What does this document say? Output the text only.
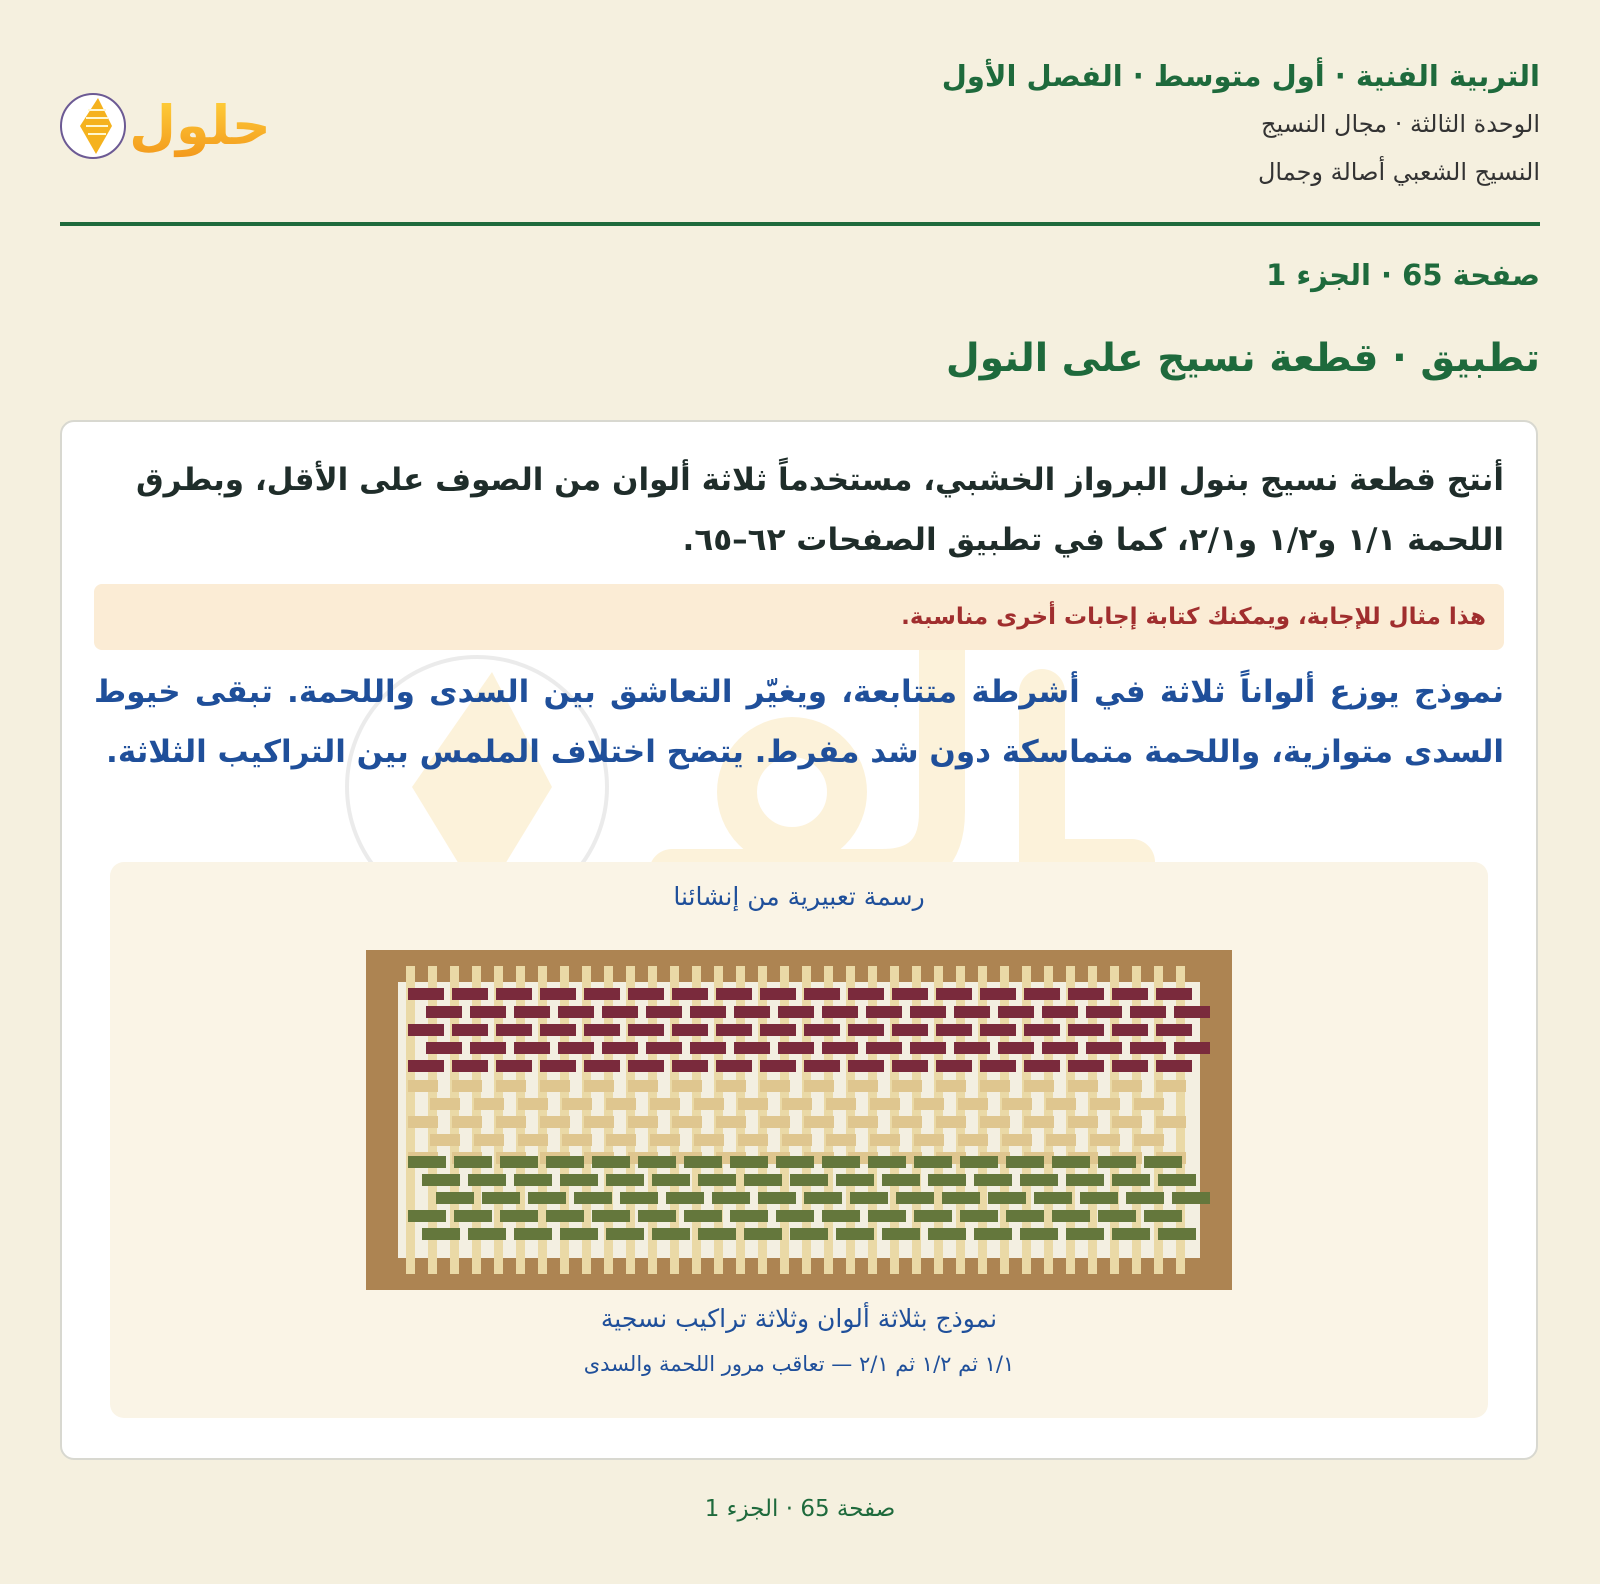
التربية الفنية · أول متوسط · الفصل الأول
الوحدة الثالثة · مجال النسيج
النسيج الشعبي أصالة وجمال
حلول
صفحة 65 · الجزء 1
تطبيق · قطعة نسيج على النول
أنتج قطعة نسيج بنول البرواز الخشبي، مستخدماً ثلاثة ألوان من الصوف على الأقل، وبطرق اللحمة ١/١ و١/٢ و٢/١، كما في تطبيق الصفحات ٦٢–٦٥.
هذا مثال للإجابة، ويمكنك كتابة إجابات أخرى مناسبة.
نموذج يوزع ألواناً ثلاثة في أشرطة متتابعة، ويغيّر التعاشق بين السدى واللحمة. تبقى خيوط السدى متوازية، واللحمة متماسكة دون شد مفرط. يتضح اختلاف الملمس بين التراكيب الثلاثة.
رسمة تعبيرية من إنشائنا
نموذج بثلاثة ألوان وثلاثة تراكيب نسجية
١/١ ثم ١/٢ ثم ٢/١ — تعاقب مرور اللحمة والسدى
صفحة 65 · الجزء 1
